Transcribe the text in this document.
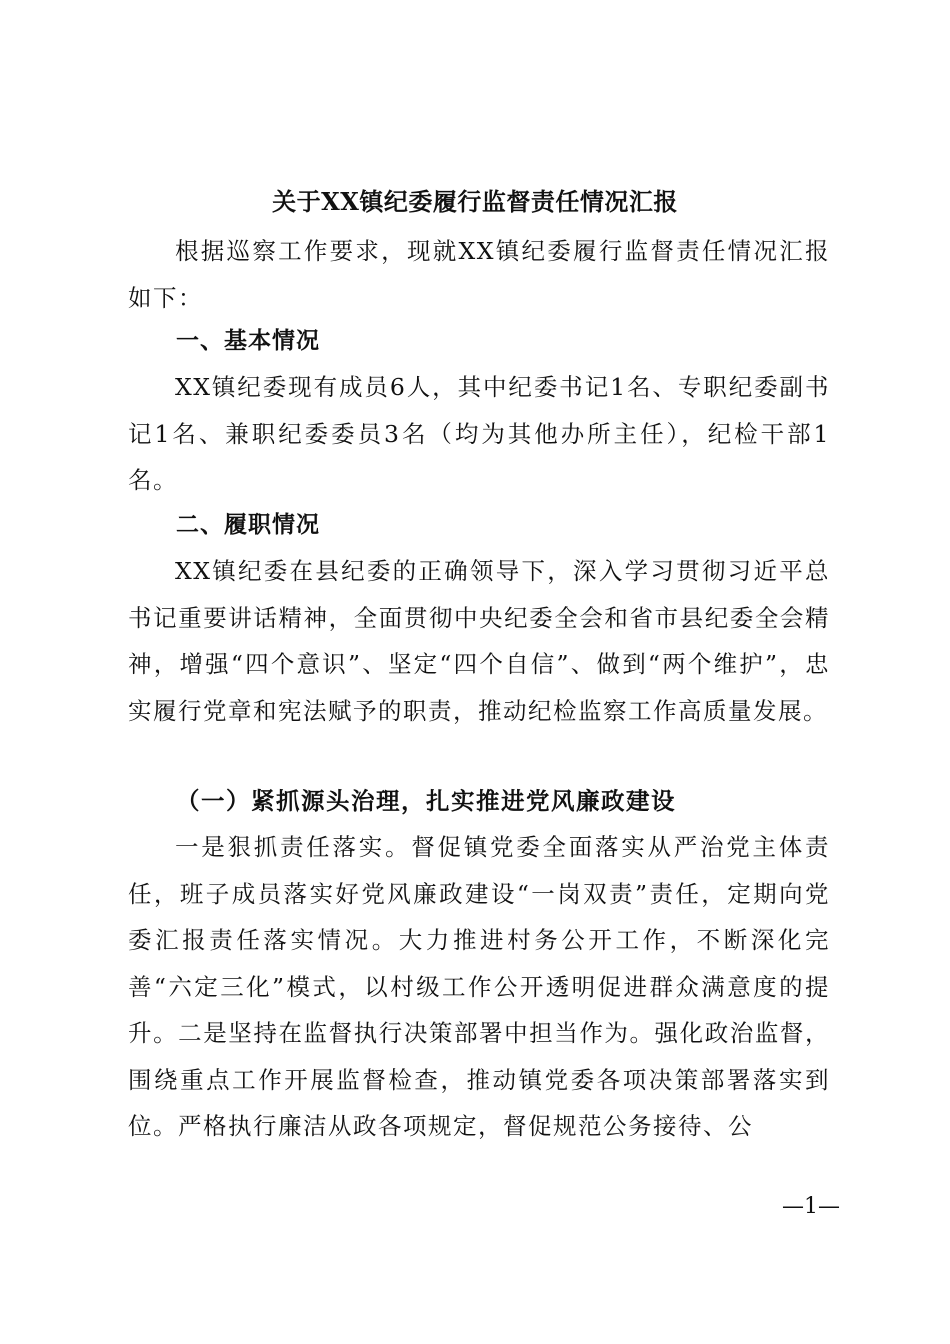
关于XX镇纪委履行监督责任情况汇报

根据巡察工作要求，现就XX镇纪委履行监督责任情况汇报如下：

一、基本情况

XX镇纪委现有成员6人，其中纪委书记1名、专职纪委副书记1名、兼职纪委委员3名（均为其他办所主任），纪检干部1名。

二、履职情况

XX镇纪委在县纪委的正确领导下，深入学习贯彻习近平总书记重要讲话精神，全面贯彻中央纪委全会和省市县纪委全会精神，增强“四个意识”、坚定“四个自信”、做到“两个维护”，忠实履行党章和宪法赋予的职责，推动纪检监察工作高质量发展。

（一）紧抓源头治理，扎实推进党风廉政建设

一是狠抓责任落实。督促镇党委全面落实从严治党主体责任，班子成员落实好党风廉政建设“一岗双责”责任，定期向党委汇报责任落实情况。大力推进村务公开工作，不断深化完善“六定三化”模式，以村级工作公开透明促进群众满意度的提升。二是坚持在监督执行决策部署中担当作为。强化政治监督，围绕重点工作开展监督检查，推动镇党委各项决策部署落实到位。严格执行廉洁从政各项规定，督促规范公务接待、公

—1—
